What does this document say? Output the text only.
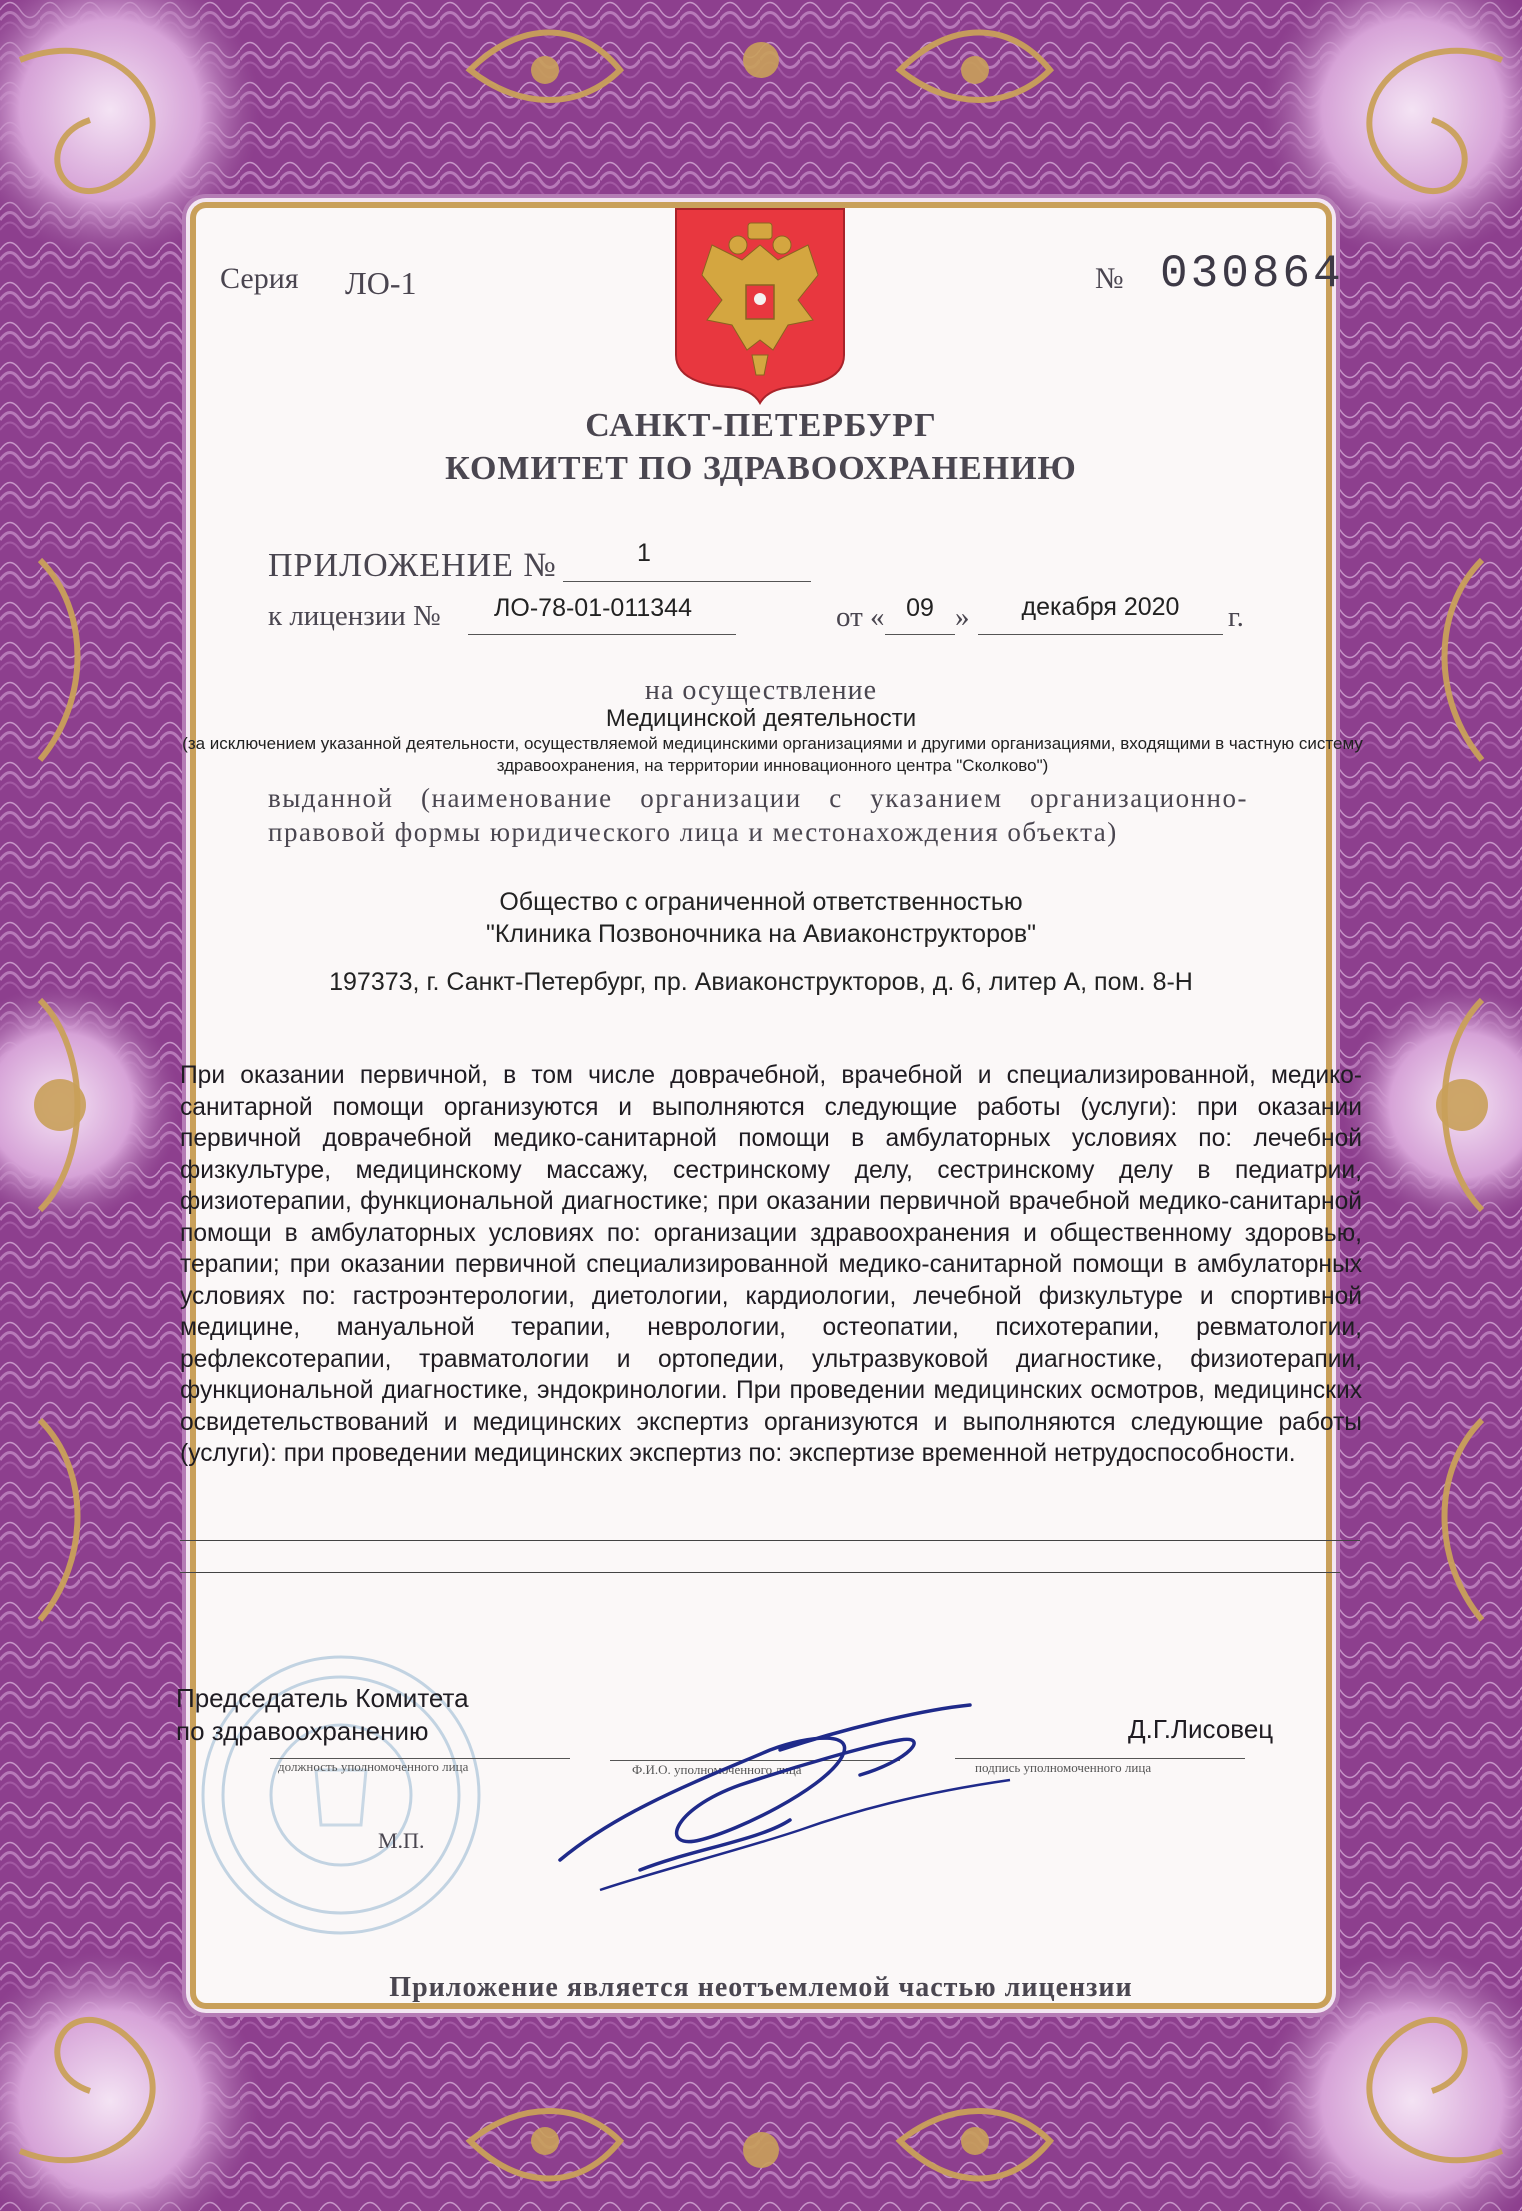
Серия ЛО-1	№ 030864
САНКТ-ПЕТЕРБУРГ
КОМИТЕТ ПО ЗДРАВООХРАНЕНИЮ
ПРИЛОЖЕНИЕ №	1
к лицензии №	ЛО-78-01-011344	от « 09 »	декабря 2020	г.
на осуществление
Медицинской деятельности
(за исключением указанной деятельности, осуществляемой медицинскими организациями и другими организациями, входящими в частную систему здравоохранения, на территории инновационного центра "Сколково")
выданной (наименование организации с указанием организационно-правовой формы юридического лица и местонахождения объекта)
Общество с ограниченной ответственностью
"Клиника Позвоночника на Авиаконструкторов"
197373, г. Санкт-Петербург, пр. Авиаконструкторов, д. 6, литер А, пом. 8-Н
При оказании первичной, в том числе доврачебной, врачебной и специализированной, медико-санитарной помощи организуются и выполняются следующие работы (услуги): при оказании первичной доврачебной медико-санитарной помощи в амбулаторных условиях по: лечебной физкультуре, медицинскому массажу, сестринскому делу, сестринскому делу в педиатрии, физиотерапии, функциональной диагностике; при оказании первичной врачебной медико-санитарной помощи в амбулаторных условиях по: организации здравоохранения и общественному здоровью, терапии; при оказании первичной специализированной медико-санитарной помощи в амбулаторных условиях по: гастроэнтерологии, диетологии, кардиологии, лечебной физкультуре и спортивной медицине, мануальной терапии, неврологии, остеопатии, психотерапии, ревматологии, рефлексотерапии, травматологии и ортопедии, ультразвуковой диагностике, физиотерапии, функциональной диагностике, эндокринологии. При проведении медицинских осмотров, медицинских освидетельствований и медицинских экспертиз организуются и выполняются следующие работы (услуги): при проведении медицинских экспертиз по: экспертизе временной нетрудоспособности.
Председатель Комитета
по здравоохранению	Д.Г.Лисовец
должность уполномоченного лица	Ф.И.О. уполномоченного лица	подпись уполномоченного лица
М.П.
Приложение является неотъемлемой частью лицензии
